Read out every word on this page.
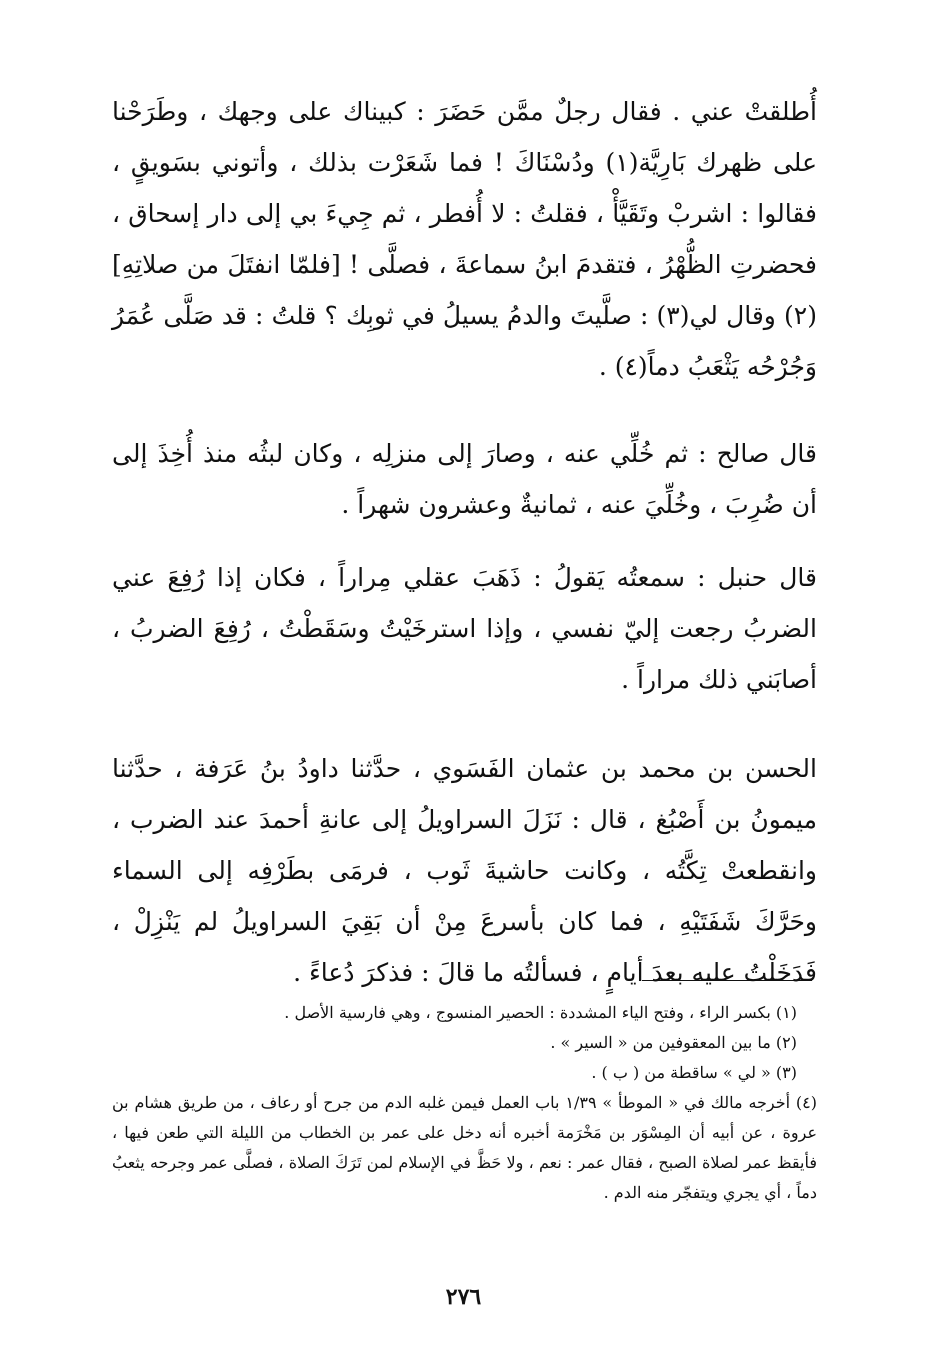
أُطلقتْ عني . فقال رجلٌ ممَّن حَضَرَ : كبيناك على وجهك ، وطَرَحْنا على ظهرك بَارِيَّة(١) ودُسْنَاكَ ! فما شَعَرْت بذلك ، وأتوني بسَويقٍ ، فقالوا : اشربْ وتَقَيَّأْ ، فقلتُ : لا أُفطر ، ثم جِيءَ بي إلى دار إسحاق ، فحضرتِ الظُّهْرُ ، فتقدمَ ابنُ سماعةَ ، فصلَّى ! [فلمّا انفتَلَ من صلاتِهِ](٢) وقال لي(٣) : صلَّيتَ والدمُ يسيلُ في ثوبِك ؟ قلتُ : قد صَلَّى عُمَرُ وَجُرْحُه يَثْعَبُ دماً(٤) .

قال صالح : ثم خُلِّي عنه ، وصارَ إلى منزلِه ، وكان لبثُه منذ أُخِذَ إلى أن ضُرِبَ ، وخُلِّيَ عنه ، ثمانيةٌ وعشرون شهراً .

قال حنبل : سمعتُه يَقولُ : ذَهَبَ عقلي مِراراً ، فكان إذا رُفِعَ عني الضربُ رجعت إليّ نفسي ، وإذا استرخَيْتُ وسَقَطْتُ ، رُفِعَ الضربُ ، أصابَني ذلك مراراً .

الحسن بن محمد بن عثمان الفَسَوي ، حدَّثنا داودُ بنُ عَرَفة ، حدَّثنا ميمونُ بن أَصْبُغ ، قال : نَزَلَ السراويلُ إلى عانةِ أحمدَ عند الضرب ، وانقطعتْ تِكَّتُه ، وكانت حاشيةَ ثَوب ، فرمَى بطَرْفِه إلى السماء وحَرَّكَ شَفَتَيْهِ ، فما كان بأسرعَ مِنْ أن بَقِيَ السراويلُ لم يَنْزِلْ ، فَدَخَلْتُ عليه بعدَ أيامٍ ، فسألتُه ما قالَ : فذكرَ دُعاءً .

(١) بكسر الراء ، وفتح الياء المشددة : الحصير المنسوج ، وهي فارسية الأصل .

(٢) ما بين المعقوفين من « السير » .

(٣) « لي » ساقطة من ( ب ) .

(٤) أخرجه مالك في « الموطأ » ١/٣٩ باب العمل فيمن غلبه الدم من جرح أو رعاف ، من طريق هشام بن عروة ، عن أبيه أن المِسْوَر بن مَخْرَمة أخبره أنه دخل على عمر بن الخطاب من الليلة التي طعن فيها ، فأيقظ عمر لصلاة الصبح ، فقال عمر : نعم ، ولا حَظَّ في الإسلام لمن تَرَكَ الصلاة ، فصلَّى عمر وجرحه يثعبُ دماً ، أي يجري ويتفجّر منه الدم .

٢٧٦
